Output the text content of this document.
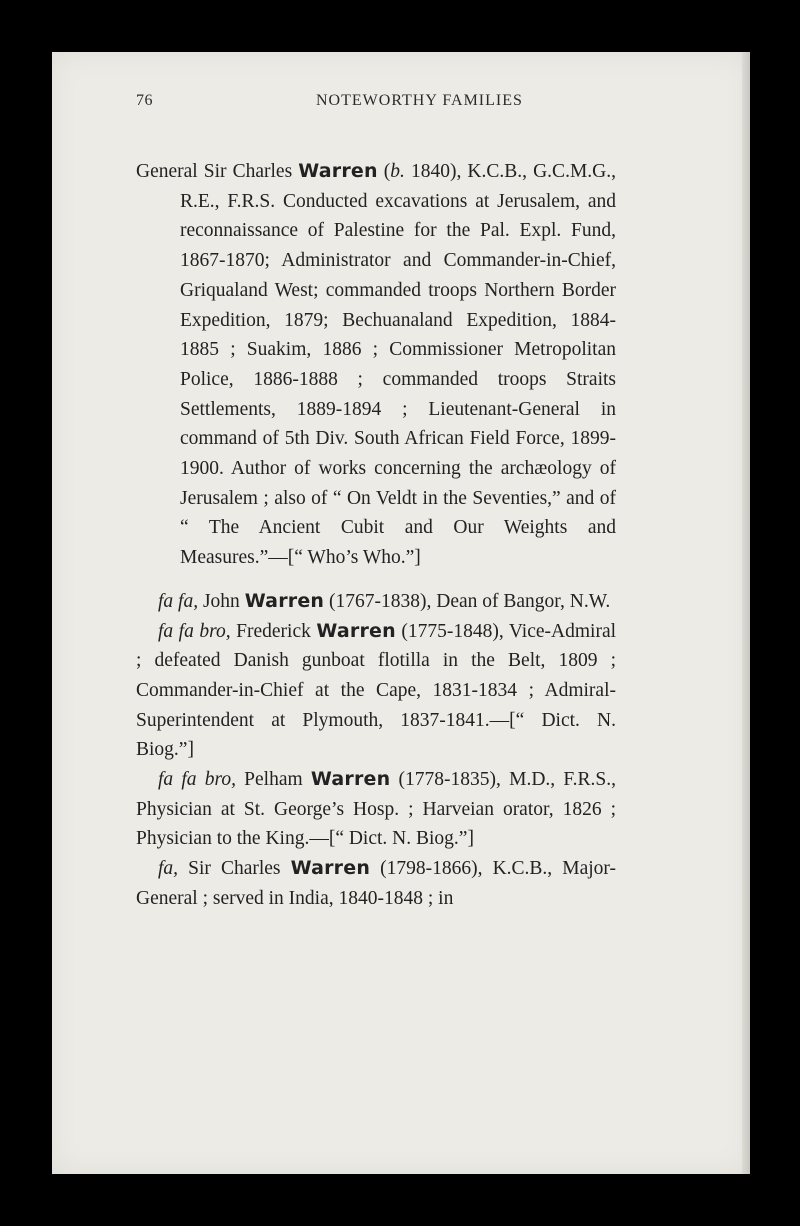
76	NOTEWORTHY FAMILIES

General Sir Charles Warren (b. 1840), K.C.B., G.C.M.G., R.E., F.R.S. Conducted excavations at Jerusalem, and reconnaissance of Palestine for the Pal. Expl. Fund, 1867-1870; Administrator and Commander-in-Chief, Griqualand West; commanded troops Northern Border Expedition, 1879; Bechuanaland Expedition, 1884-1885 ; Suakim, 1886 ; Commissioner Metropolitan Police, 1886-1888 ; commanded troops Straits Settlements, 1889-1894 ; Lieutenant-General in command of 5th Div. South African Field Force, 1899-1900. Author of works concerning the archæology of Jerusalem ; also of “ On Veldt in the Seventies,” and of “ The Ancient Cubit and Our Weights and Measures.”—[“ Who’s Who.”]

fa fa, John Warren (1767-1838), Dean of Bangor, N.W.

fa fa bro, Frederick Warren (1775-1848), Vice-Admiral ; defeated Danish gunboat flotilla in the Belt, 1809 ; Commander-in-Chief at the Cape, 1831-1834 ; Admiral-Superintendent at Plymouth, 1837-1841.—[“ Dict. N. Biog.”]

fa fa bro, Pelham Warren (1778-1835), M.D., F.R.S., Physician at St. George’s Hosp. ; Harveian orator, 1826 ; Physician to the King.—[“ Dict. N. Biog.”]

fa, Sir Charles Warren (1798-1866), K.C.B., Major-General ; served in India, 1840-1848 ; in
